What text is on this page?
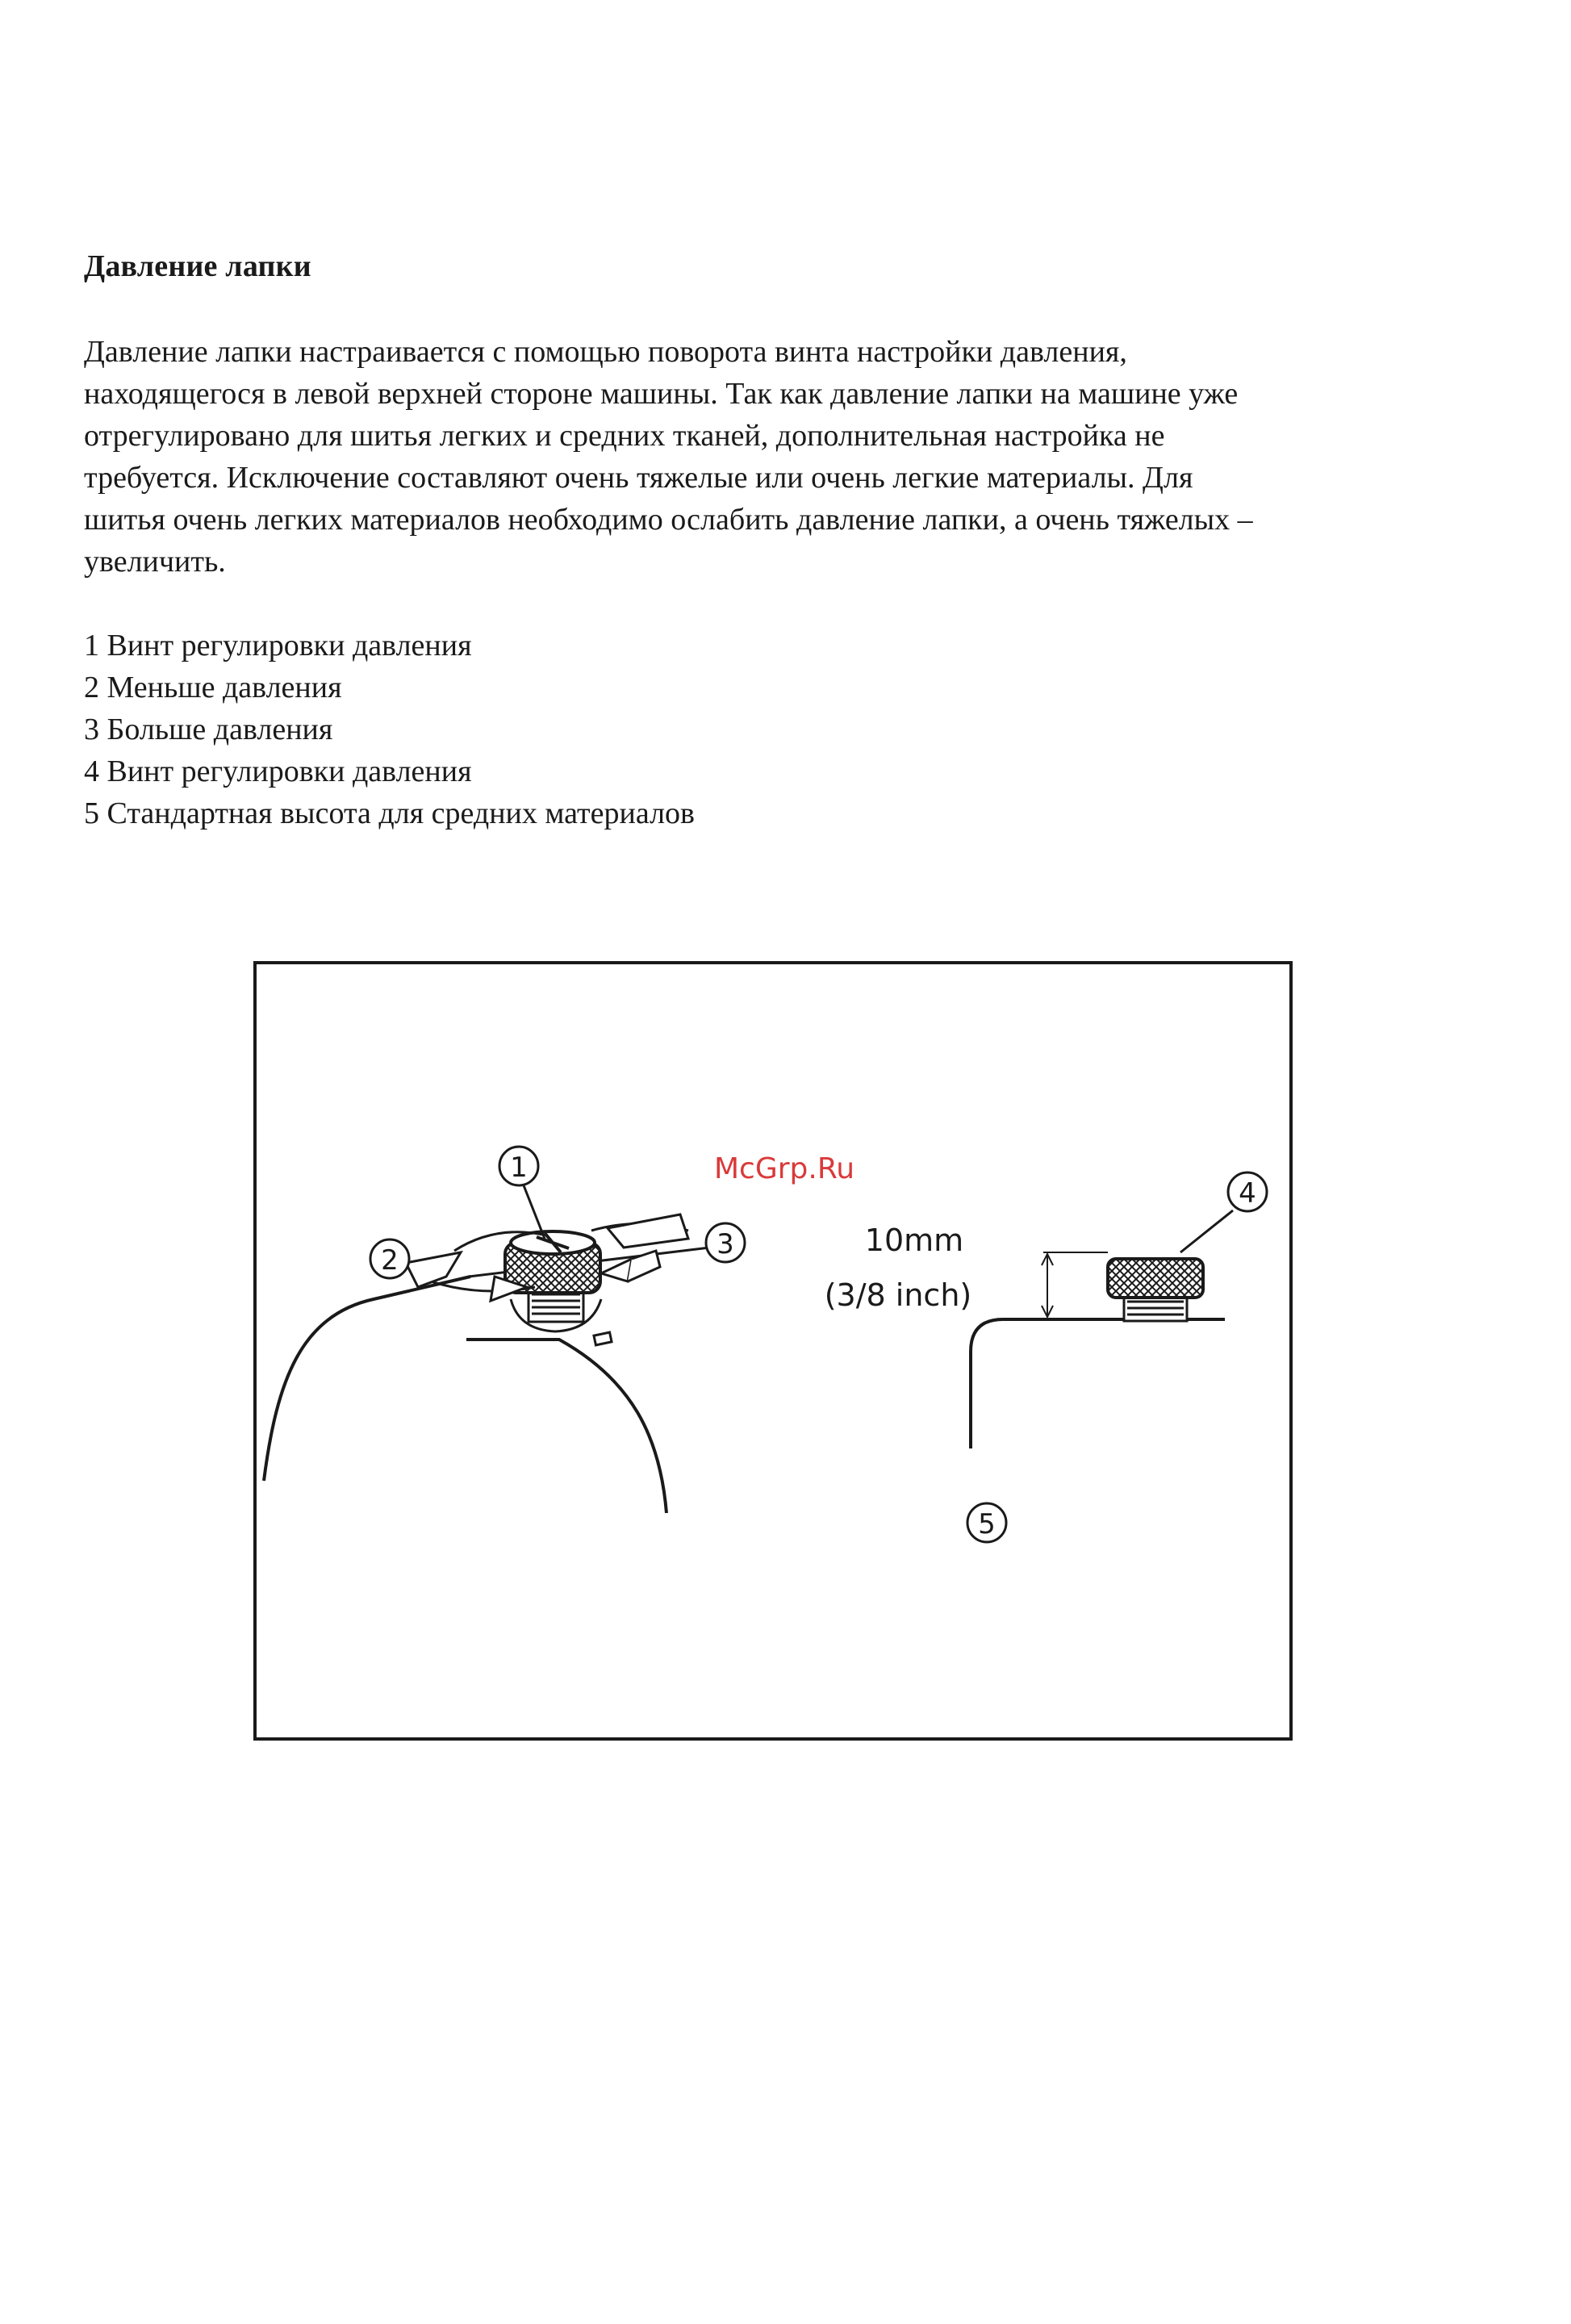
Давление лапки
Давление лапки настраивается с помощью поворота винта настройки давления,
находящегося в левой верхней стороне машины. Так как давление лапки на машине уже
отрегулировано для шитья легких и средних тканей, дополнительная настройка не
требуется. Исключение составляют очень тяжелые или очень легкие материалы. Для
шитья очень легких материалов необходимо ослабить давление лапки, а очень тяжелых –
увеличить.
1 Винт регулировки давления
2 Меньше давления
3 Больше давления
4 Винт регулировки давления
5 Стандартная высота для средних материалов
1
2	3	10mm
(3/8 inch)
4
5
McGrp.Ru
